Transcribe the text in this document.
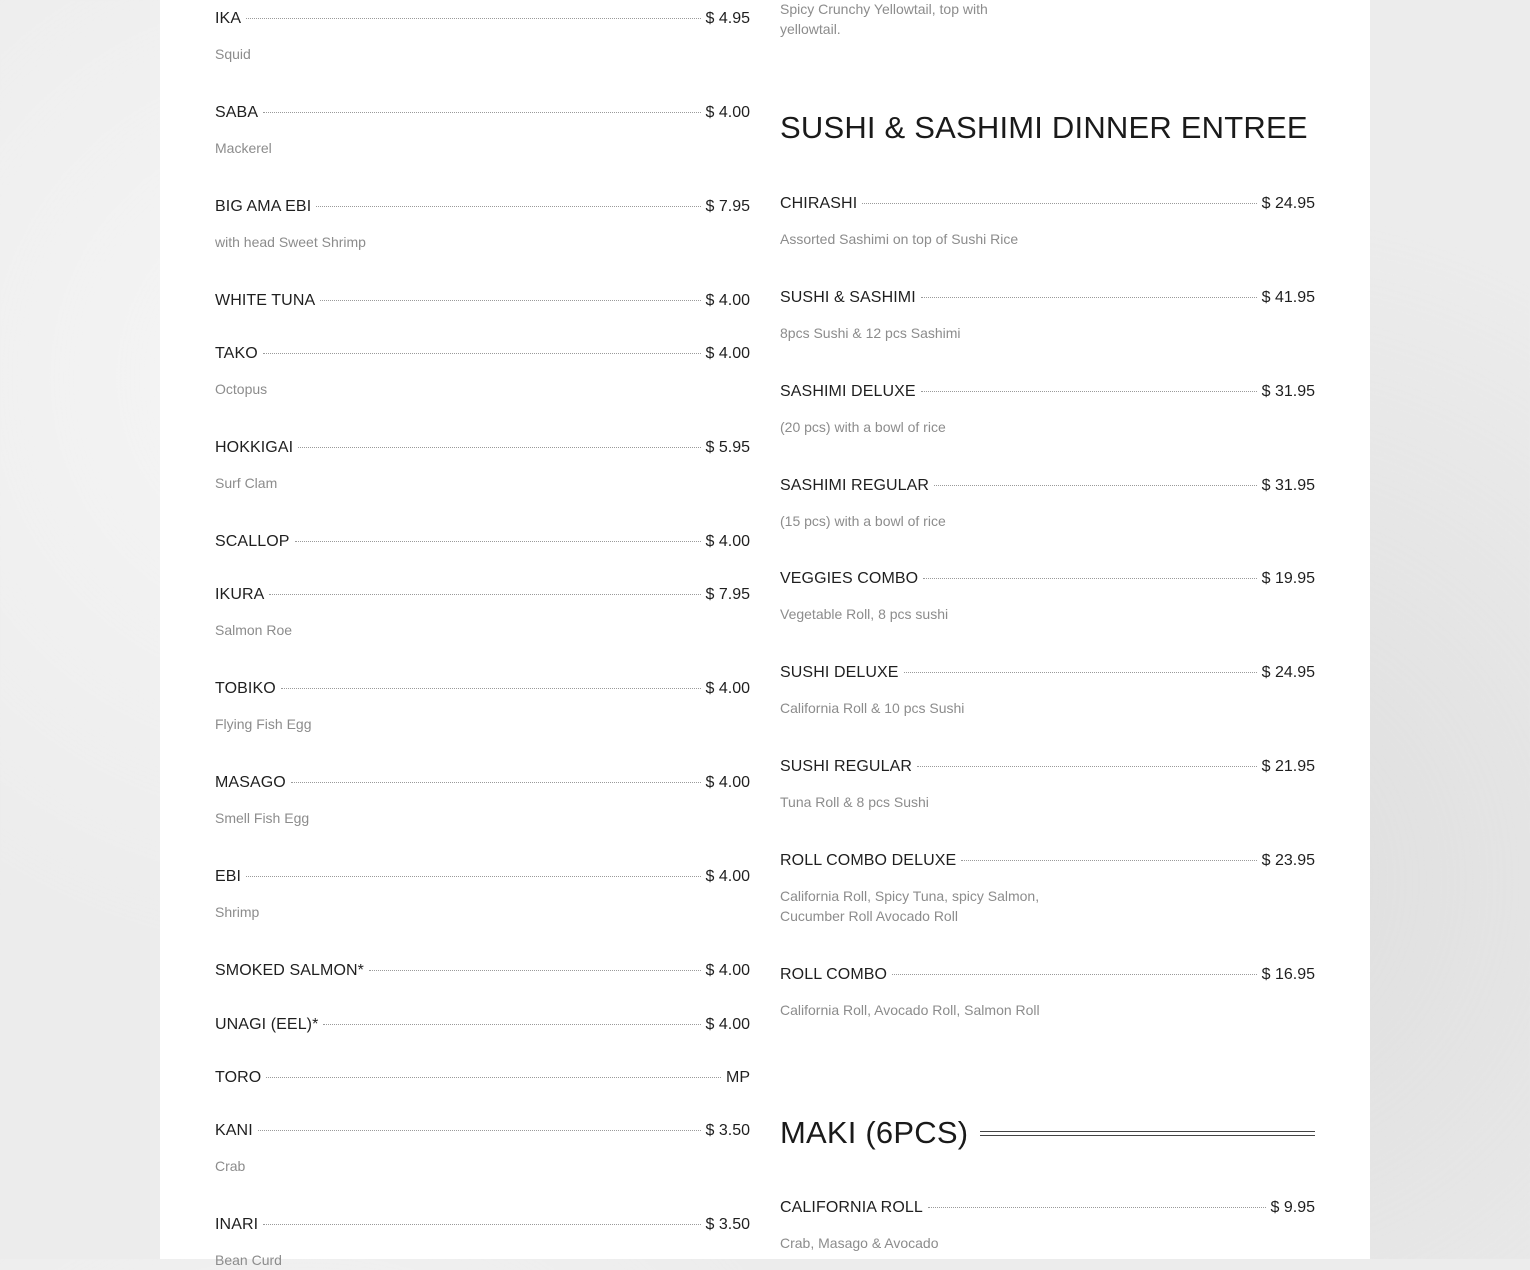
IKA	$ 4.95
Squid
SABA	$ 4.00
Mackerel
BIG AMA EBI	$ 7.95
with head Sweet Shrimp
WHITE TUNA	$ 4.00
TAKO	$ 4.00
Octopus
HOKKIGAI	$ 5.95
Surf Clam
SCALLOP	$ 4.00
IKURA	$ 7.95
Salmon Roe
TOBIKO	$ 4.00
Flying Fish Egg
MASAGO	$ 4.00
Smell Fish Egg
EBI	$ 4.00
Shrimp
SMOKED SALMON*	$ 4.00
UNAGI (EEL)*	$ 4.00
TORO	MP
KANI	$ 3.50
Crab
INARI	$ 3.50
Bean Curd
Spicy Crunchy Yellowtail, top with yellowtail.
SUSHI & SASHIMI DINNER ENTREE
CHIRASHI	$ 24.95
Assorted Sashimi on top of Sushi Rice
SUSHI & SASHIMI	$ 41.95
8pcs Sushi & 12 pcs Sashimi
SASHIMI DELUXE	$ 31.95
(20 pcs) with a bowl of rice
SASHIMI REGULAR	$ 31.95
(15 pcs) with a bowl of rice
VEGGIES COMBO	$ 19.95
Vegetable Roll, 8 pcs sushi
SUSHI DELUXE	$ 24.95
California Roll & 10 pcs Sushi
SUSHI REGULAR	$ 21.95
Tuna Roll & 8 pcs Sushi
ROLL COMBO DELUXE	$ 23.95
California Roll, Spicy Tuna, spicy Salmon, Cucumber Roll Avocado Roll
ROLL COMBO	$ 16.95
California Roll, Avocado Roll, Salmon Roll
MAKI (6PCS)
CALIFORNIA ROLL	$ 9.95
Crab, Masago & Avocado
